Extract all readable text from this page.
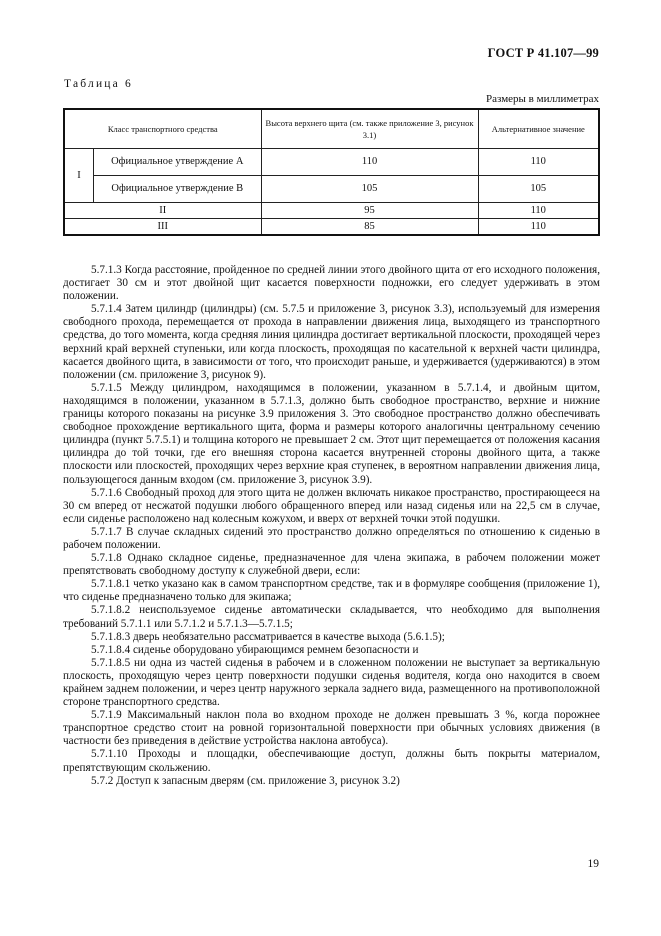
ГОСТ Р 41.107—99
Таблица 6
Размеры в миллиметрах
Класс транспортного средства		Высота верхнего щита (см. также приложение 3, рисунок 3.1)	Альтернативное значение
I	Официальное утверждение А	110	110
	Официальное утверждение В	105	105
II		95	110
III		85	110

5.7.1.3 Когда расстояние, пройденное по средней линии этого двойного щита от его исходного положения, достигает 30 см и этот двойной щит касается поверхности подножки, его следует удерживать в этом положении.

5.7.1.4 Затем цилиндр (цилиндры) (см. 5.7.5 и приложение 3, рисунок 3.3), используемый для измерения свободного прохода, перемещается от прохода в направлении движения лица, выходящего из транспортного средства, до того момента, когда средняя линия цилиндра достигает вертикальной плоскости, проходящей через верхний край верхней ступеньки, или когда плоскость, проходящая по касательной к верхней части цилиндра, касается двойного щита, в зависимости от того, что происходит раньше, и удерживается (удерживаются) в этом положении (см. приложение 3, рисунок 9).

5.7.1.5 Между цилиндром, находящимся в положении, указанном в 5.7.1.4, и двойным щитом, находящимся в положении, указанном в 5.7.1.3, должно быть свободное пространство, верхние и нижние границы которого показаны на рисунке 3.9 приложения 3. Это свободное пространство должно обеспечивать свободное прохождение вертикального щита, форма и размеры которого аналогичны центральному сечению цилиндра (пункт 5.7.5.1) и толщина которого не превышает 2 см. Этот щит перемещается от положения касания цилиндра до той точки, где его внешняя сторона касается внутренней стороны двойного щита, а также плоскости или плоскостей, проходящих через верхние края ступенек, в вероятном направлении движения лица, пользующегося данным входом (см. приложение 3, рисунок 3.9).

5.7.1.6 Свободный проход для этого щита не должен включать никакое пространство, простирающееся на 30 см вперед от несжатой подушки любого обращенного вперед или назад сиденья или на 22,5 см в случае, если сиденье расположено над колесным кожухом, и вверх от верхней точки этой подушки.

5.7.1.7 В случае складных сидений это пространство должно определяться по отношению к сиденью в рабочем положении.

5.7.1.8 Однако складное сиденье, предназначенное для члена экипажа, в рабочем положении может препятствовать свободному доступу к служебной двери, если:

5.7.1.8.1 четко указано как в самом транспортном средстве, так и в формуляре сообщения (приложение 1), что сиденье предназначено только для экипажа;

5.7.1.8.2 неиспользуемое сиденье автоматически складывается, что необходимо для выполнения требований 5.7.1.1 или 5.7.1.2 и 5.7.1.3—5.7.1.5;

5.7.1.8.3 дверь необязательно рассматривается в качестве выхода (5.6.1.5);

5.7.1.8.4 сиденье оборудовано убирающимся ремнем безопасности и

5.7.1.8.5 ни одна из частей сиденья в рабочем и в сложенном положении не выступает за вертикальную плоскость, проходящую через центр поверхности подушки сиденья водителя, когда оно находится в своем крайнем заднем положении, и через центр наружного зеркала заднего вида, размещенного на противоположной стороне транспортного средства.

5.7.1.9 Максимальный наклон пола во входном проходе не должен превышать 3 %, когда порожнее транспортное средство стоит на ровной горизонтальной поверхности при обычных условиях движения (в частности без приведения в действие устройства наклона автобуса).

5.7.1.10 Проходы и площадки, обеспечивающие доступ, должны быть покрыты материалом, препятствующим скольжению.

5.7.2 Доступ к запасным дверям (см. приложение 3, рисунок 3.2)

19
